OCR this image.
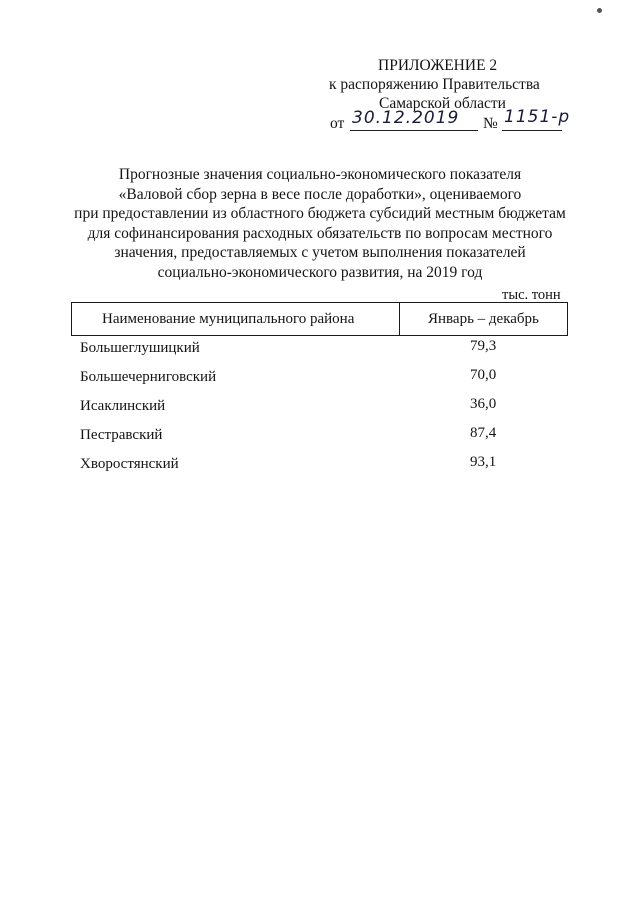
ПРИЛОЖЕНИЕ 2
к распоряжению Правительства
Самарской области
от 30.12.2019 № 1151-р
Прогнозные значения социально-экономического показателя
«Валовой сбор зерна в весе после доработки», оцениваемого
при предоставлении из областного бюджета субсидий местным бюджетам
для софинансирования расходных обязательств по вопросам местного
значения, предоставляемых с учетом выполнения показателей
социально-экономического развития, на 2019 год
тыс. тонн
Наименование муниципального района	Январь – декабрь
Большеглушицкий	79,3
Большечерниговский	70,0
Исаклинский	36,0
Пестравский	87,4
Хворостянский	93,1
